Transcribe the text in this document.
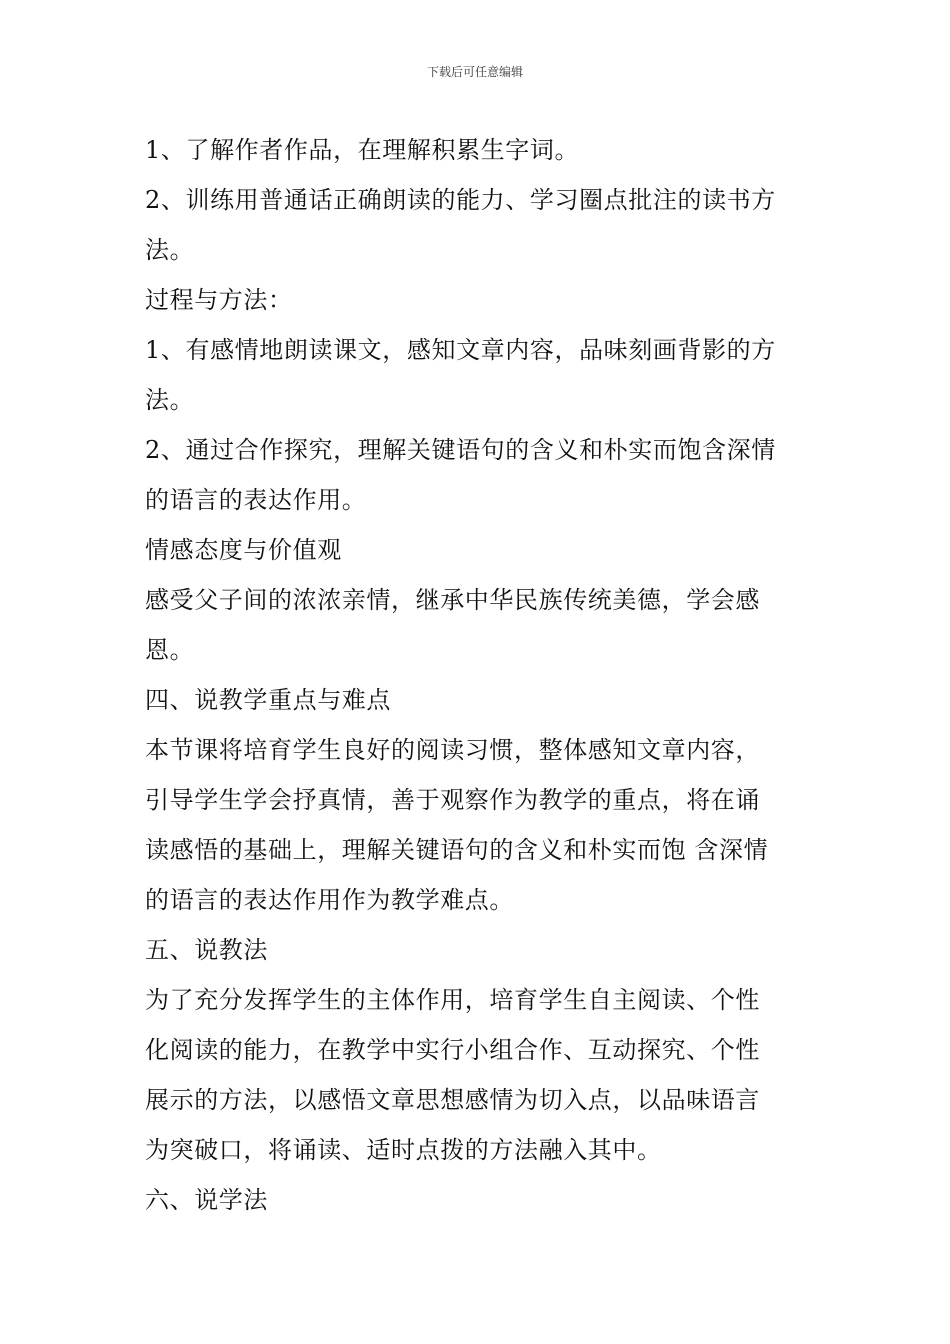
下载后可任意编辑
1、了解作者作品，在理解积累生字词。
2、训练用普通话正确朗读的能力、学习圈点批注的读书方
法。
过程与方法：
1、有感情地朗读课文，感知文章内容，品味刻画背影的方
法。
2、通过合作探究，理解关键语句的含义和朴实而饱含深情
的语言的表达作用。
情感态度与价值观
感受父子间的浓浓亲情，继承中华民族传统美德，学会感
恩。
四、说教学重点与难点
本节课将培育学生良好的阅读习惯，整体感知文章内容，
引导学生学会抒真情，善于观察作为教学的重点，将在诵
读感悟的基础上，理解关键语句的含义和朴实而饱 含深情
的语言的表达作用作为教学难点。
五、说教法
为了充分发挥学生的主体作用，培育学生自主阅读、个性
化阅读的能力，在教学中实行小组合作、互动探究、个性
展示的方法，以感悟文章思想感情为切入点，以品味语言
为突破口，将诵读、适时点拨的方法融入其中。
六、说学法
